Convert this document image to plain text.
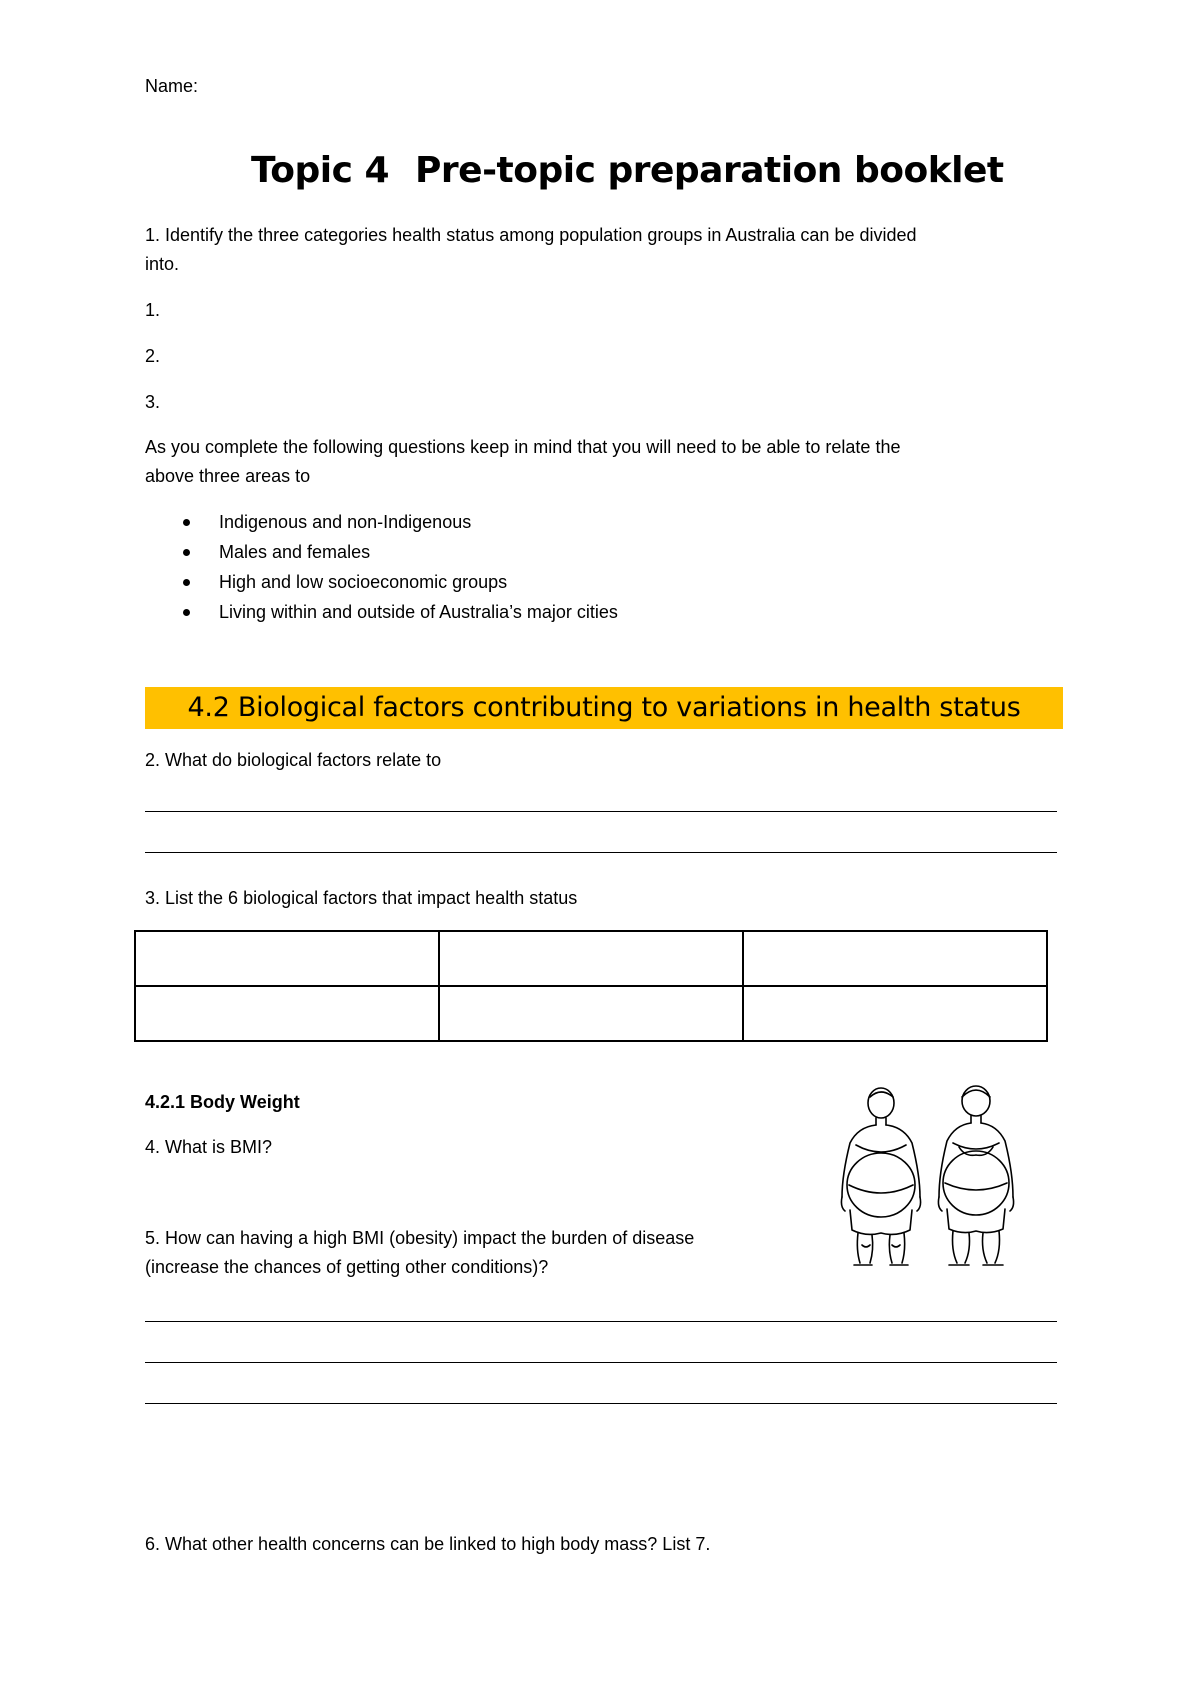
Name:
Topic 4 Pre-topic preparation booklet
1. Identify the three categories health status among population groups in Australia can be divided
into.
1.
2.
3.
As you complete the following questions keep in mind that you will need to be able to relate the
above three areas to
Indigenous and non-Indigenous
Males and females
High and low socioeconomic groups
Living within and outside of Australia’s major cities
4.2 Biological factors contributing to variations in health status
2. What do biological factors relate to
3. List the 6 biological factors that impact health status

4.2.1 Body Weight
4. What is BMI?
5. How can having a high BMI (obesity) impact the burden of disease
(increase the chances of getting other conditions)?
6. What other health concerns can be linked to high body mass? List 7.
